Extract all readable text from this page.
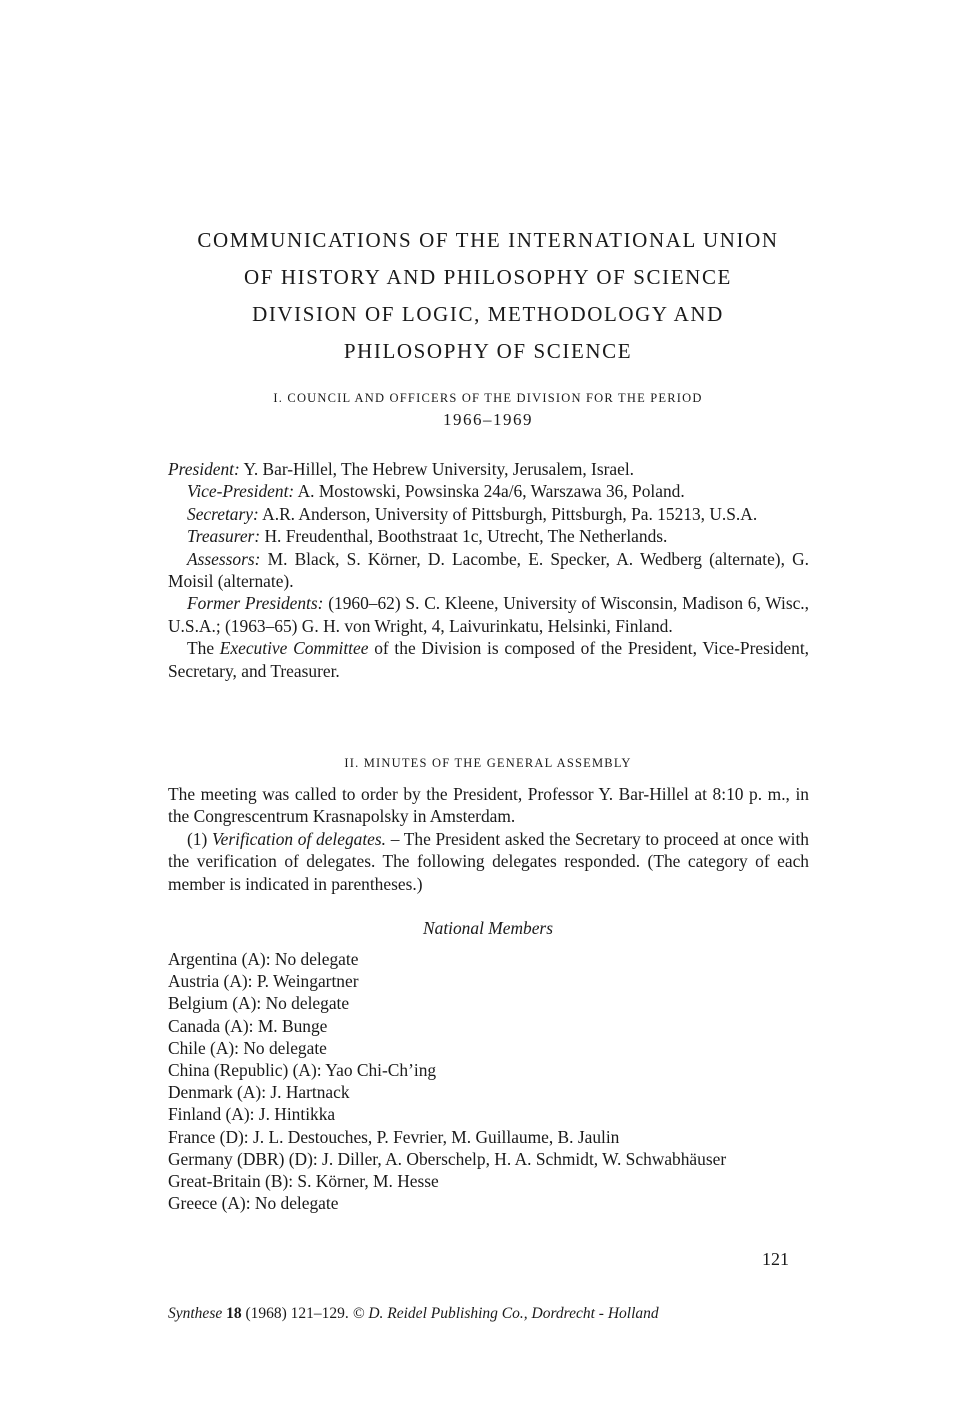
COMMUNICATIONS OF THE INTERNATIONAL UNION
OF HISTORY AND PHILOSOPHY OF SCIENCE
DIVISION OF LOGIC, METHODOLOGY AND
PHILOSOPHY OF SCIENCE
I. COUNCIL AND OFFICERS OF THE DIVISION FOR THE PERIOD
1966–1969

President: Y. Bar-Hillel, The Hebrew University, Jerusalem, Israel.

Vice-President: A. Mostowski, Powsinska 24a/6, Warszawa 36, Poland.

Secretary: A.R. Anderson, University of Pittsburgh, Pittsburgh, Pa. 15213, U.S.A.

Treasurer: H. Freudenthal, Boothstraat 1c, Utrecht, The Netherlands.

Assessors: M. Black, S. Körner, D. Lacombe, E. Specker, A. Wedberg (alternate), G. Moisil (alternate).

Former Presidents: (1960–62) S. C. Kleene, University of Wisconsin, Madison 6, Wisc., U.S.A.; (1963–65) G. H. von Wright, 4, Laivurinkatu, Helsinki, Finland.

The Executive Committee of the Division is composed of the President, Vice-President, Secretary, and Treasurer.

II. MINUTES OF THE GENERAL ASSEMBLY

The meeting was called to order by the President, Professor Y. Bar-Hillel at 8:10 p. m., in the Congrescentrum Krasnapolsky in Amsterdam.

(1) Verification of delegates. – The President asked the Secretary to proceed at once with the verification of delegates. The following delegates responded. (The category of each member is indicated in parentheses.)

National Members
Argentina (A): No delegate
Austria (A): P. Weingartner
Belgium (A): No delegate
Canada (A): M. Bunge
Chile (A): No delegate
China (Republic) (A): Yao Chi-Ch’ing
Denmark (A): J. Hartnack
Finland (A): J. Hintikka
France (D): J. L. Destouches, P. Fevrier, M. Guillaume, B. Jaulin
Germany (DBR) (D): J. Diller, A. Oberschelp, H. A. Schmidt, W. Schwabhäuser
Great-Britain (B): S. Körner, M. Hesse
Greece (A): No delegate
121
Synthese 18 (1968) 121–129. © D. Reidel Publishing Co., Dordrecht - Holland
